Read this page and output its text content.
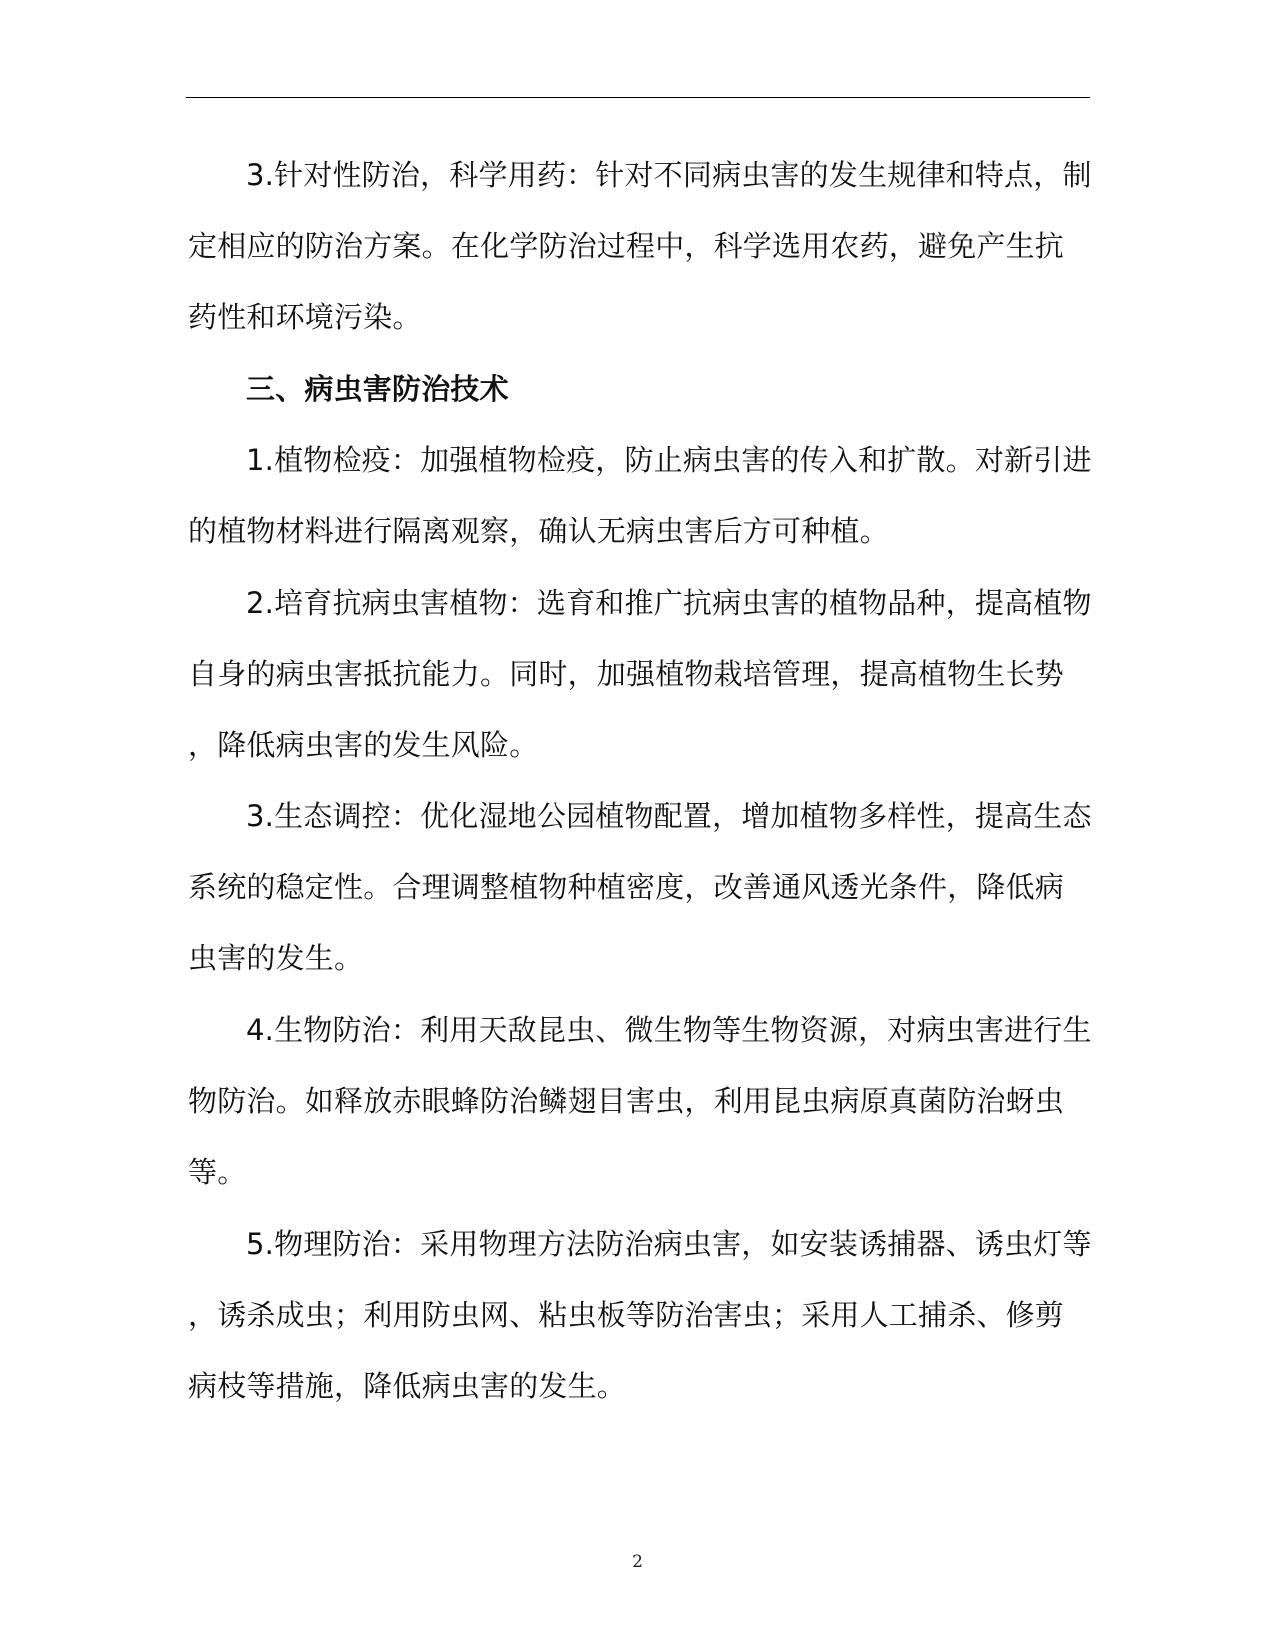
3.针对性防治，科学用药：针对不同病虫害的发生规律和特点，制
定相应的防治方案。在化学防治过程中，科学选用农药，避免产生抗
药性和环境污染。
三、病虫害防治技术
1.植物检疫：加强植物检疫，防止病虫害的传入和扩散。对新引进
的植物材料进行隔离观察，确认无病虫害后方可种植。
2.培育抗病虫害植物：选育和推广抗病虫害的植物品种，提高植物
自身的病虫害抵抗能力。同时，加强植物栽培管理，提高植物生长势
，降低病虫害的发生风险。
3.生态调控：优化湿地公园植物配置，增加植物多样性，提高生态
系统的稳定性。合理调整植物种植密度，改善通风透光条件，降低病
虫害的发生。
4.生物防治：利用天敌昆虫、微生物等生物资源，对病虫害进行生
物防治。如释放赤眼蜂防治鳞翅目害虫，利用昆虫病原真菌防治蚜虫
等。
5.物理防治：采用物理方法防治病虫害，如安装诱捕器、诱虫灯等
，诱杀成虫；利用防虫网、粘虫板等防治害虫；采用人工捕杀、修剪
病枝等措施，降低病虫害的发生。
2
